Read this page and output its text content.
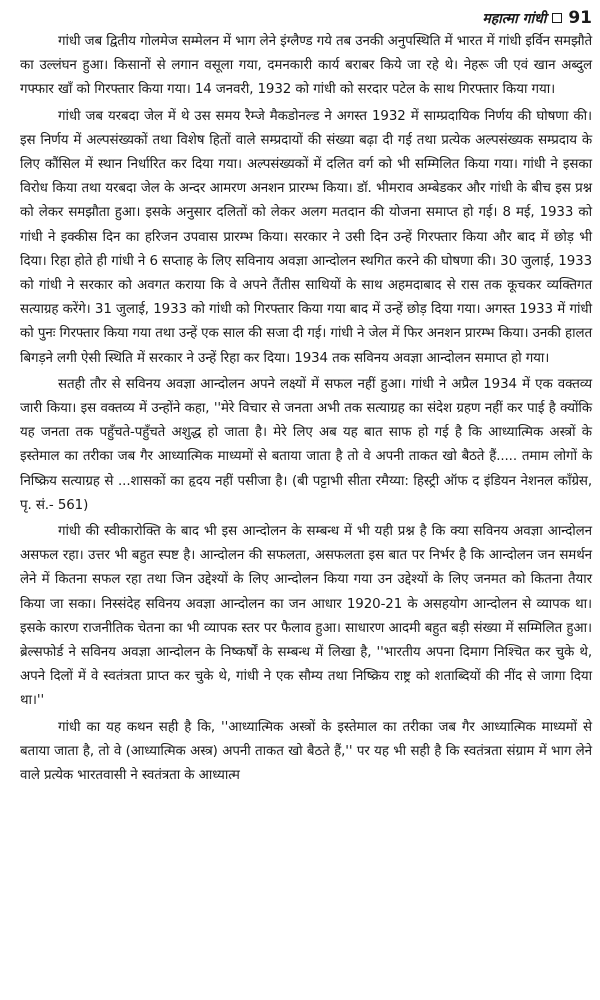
महात्मा गांधी 91

गांधी जब द्वितीय गोलमेज सम्मेलन में भाग लेने इंग्लैण्ड गये तब उनकी अनुपस्थिति में भारत में गांधी इर्विन समझौते का उल्लंघन हुआ। किसानों से लगान वसूला गया, दमनकारी कार्य बराबर किये जा रहे थे। नेहरू जी एवं खान अब्दुल गफ्फार खाँ को गिरफ्तार किया गया। 14 जनवरी, 1932 को गांधी को सरदार पटेल के साथ गिरफ्तार किया गया।

गांधी जब यरबदा जेल में थे उस समय रैम्जे मैकडोनल्ड ने अगस्त 1932 में साम्प्रदायिक निर्णय की घोषणा की। इस निर्णय में अल्पसंख्यकों तथा विशेष हितों वाले सम्प्रदायों की संख्या बढ़ा दी गई तथा प्रत्येक अल्पसंख्यक सम्प्रदाय के लिए कौंसिल में स्थान निर्धारित कर दिया गया। अल्पसंख्यकों में दलित वर्ग को भी सम्मिलित किया गया। गांधी ने इसका विरोध किया तथा यरबदा जेल के अन्दर आमरण अनशन प्रारम्भ किया। डॉ. भीमराव अम्बेडकर और गांधी के बीच इस प्रश्न को लेकर समझौता हुआ। इसके अनुसार दलितों को लेकर अलग मतदान की योजना समाप्त हो गई। 8 मई, 1933 को गांधी ने इक्कीस दिन का हरिजन उपवास प्रारम्भ किया। सरकार ने उसी दिन उन्हें गिरफ्तार किया और बाद में छोड़ भी दिया। रिहा होते ही गांधी ने 6 सप्ताह के लिए सविनाय अवज्ञा आन्दोलन स्थगित करने की घोषणा की। 30 जुलाई, 1933 को गांधी ने सरकार को अवगत कराया कि वे अपने तैंतीस साथियों के साथ अहमदाबाद से रास तक कूचकर व्यक्तिगत सत्याग्रह करेंगे। 31 जुलाई, 1933 को गांधी को गिरफ्तार किया गया बाद में उन्हें छोड़ दिया गया। अगस्त 1933 में गांधी को पुनः गिरफ्तार किया गया तथा उन्हें एक साल की सजा दी गई। गांधी ने जेल में फिर अनशन प्रारम्भ किया। उनकी हालत बिगड़ने लगी ऐसी स्थिति में सरकार ने उन्हें रिहा कर दिया। 1934 तक सविनय अवज्ञा आन्दोलन समाप्त हो गया।

सतही तौर से सविनय अवज्ञा आन्दोलन अपने लक्ष्यों में सफल नहीं हुआ। गांधी ने अप्रैल 1934 में एक वक्तव्य जारी किया। इस वक्तव्य में उन्होंने कहा, ''मेरे विचार से जनता अभी तक सत्याग्रह का संदेश ग्रहण नहीं कर पाई है क्योंकि यह जनता तक पहुँचते-पहुँचते अशुद्ध हो जाता है। मेरे लिए अब यह बात साफ हो गई है कि आध्यात्मिक अस्त्रों के इस्तेमाल का तरीका जब गैर आध्यात्मिक माध्यमों से बताया जाता है तो वे अपनी ताकत खो बैठते हैं..... तमाम लोगों के निष्क्रिय सत्याग्रह से ...शासकों का हृदय नहीं पसीजा है। (बी पट्टाभी सीता रमैय्या: हिस्ट्री ऑफ द इंडियन नेशनल कॉंग्रेस, पृ. सं.- 561)

गांधी की स्वीकारोक्ति के बाद भी इस आन्दोलन के सम्बन्ध में भी यही प्रश्न है कि क्या सविनय अवज्ञा आन्दोलन असफल रहा। उत्तर भी बहुत स्पष्ट है। आन्दोलन की सफलता, असफलता इस बात पर निर्भर है कि आन्दोलन जन समर्थन लेने में कितना सफल रहा तथा जिन उद्देश्यों के लिए आन्दोलन किया गया उन उद्देश्यों के लिए जनमत को कितना तैयार किया जा सका। निस्संदेह सविनय अवज्ञा आन्दोलन का जन आधार 1920-21 के असहयोग आन्दोलन से व्यापक था। इसके कारण राजनीतिक चेतना का भी व्यापक स्तर पर फैलाव हुआ। साधारण आदमी बहुत बड़ी संख्या में सम्मिलित हुआ। ब्रेल्सफोर्ड ने सविनय अवज्ञा आन्दोलन के निष्कर्षों के सम्बन्ध में लिखा है, ''भारतीय अपना दिमाग निश्चित कर चुके थे, अपने दिलों में वे स्वतंत्रता प्राप्त कर चुके थे, गांधी ने एक सौम्य तथा निष्क्रिय राष्ट्र को शताब्दियों की नींद से जागा दिया था।''

गांधी का यह कथन सही है कि, ''आध्यात्मिक अस्त्रों के इस्तेमाल का तरीका जब गैर आध्यात्मिक माध्यमों से बताया जाता है, तो वे (आध्यात्मिक अस्त्र) अपनी ताकत खो बैठते हैं,'' पर यह भी सही है कि स्वतंत्रता संग्राम में भाग लेने वाले प्रत्येक भारतवासी ने स्वतंत्रता के आध्यात्म
